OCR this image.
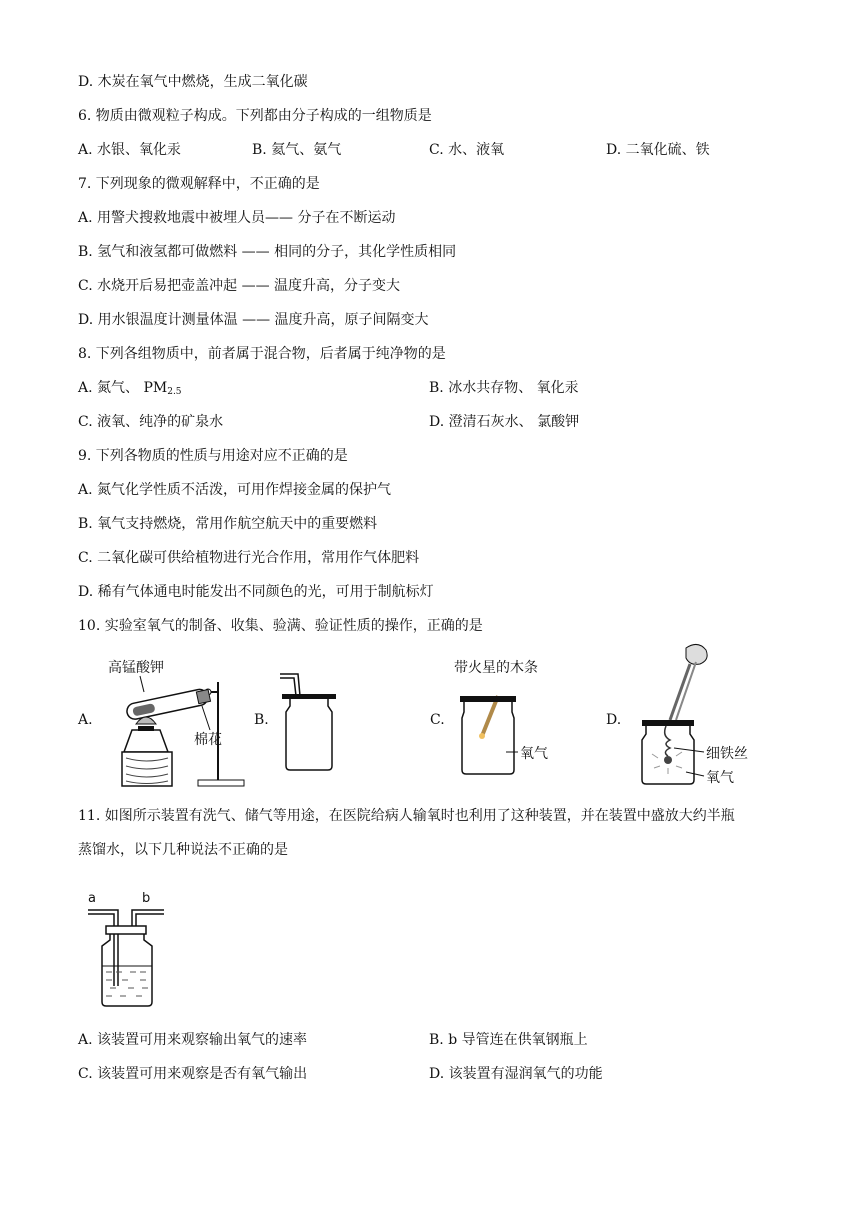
D. 木炭在氧气中燃烧，生成二氧化碳
6. 物质由微观粒子构成。下列都由分子构成的一组物质是
A. 水银、氧化汞	B. 氦气、氨气	C. 水、液氧	D. 二氧化硫、铁
7. 下列现象的微观解释中，不正确的是
A. 用警犬搜救地震中被埋人员—— 分子在不断运动
B. 氢气和液氢都可做燃料 —— 相同的分子，其化学性质相同
C. 水烧开后易把壶盖冲起 —— 温度升高，分子变大
D. 用水银温度计测量体温 —— 温度升高，原子间隔变大
8. 下列各组物质中，前者属于混合物，后者属于纯净物的是
A. 氮气、 $PM_{2.5}$	B. 冰水共存物、 氧化汞
C. 液氧、纯净的矿泉水	D. 澄清石灰水、 氯酸钾
9. 下列各物质的性质与用途对应不正确的是
A. 氮气化学性质不活泼，可用作焊接金属的保护气
B. 氧气支持燃烧，常用作航空航天中的重要燃料
C. 二氧化碳可供给植物进行光合作用，常用作气体肥料
D. 稀有气体通电时能发出不同颜色的光，可用于制航标灯
10. 实验室氧气的制备、收集、验满、验证性质的操作，正确的是
A.	B.	C.	D.
高锰酸钾
棉花
带火星的木条
氧气	细铁丝
氧气
11. 如图所示装置有洗气、储气等用途，在医院给病人输氧时也利用了这种装置，并在装置中盛放大约半瓶
蒸馏水，以下几种说法不正确的是
a	b
A. 该装置可用来观察输出氧气的速率	B. b 导管连在供氧钢瓶上
C. 该装置可用来观察是否有氧气输出	D. 该装置有湿润氧气的功能
